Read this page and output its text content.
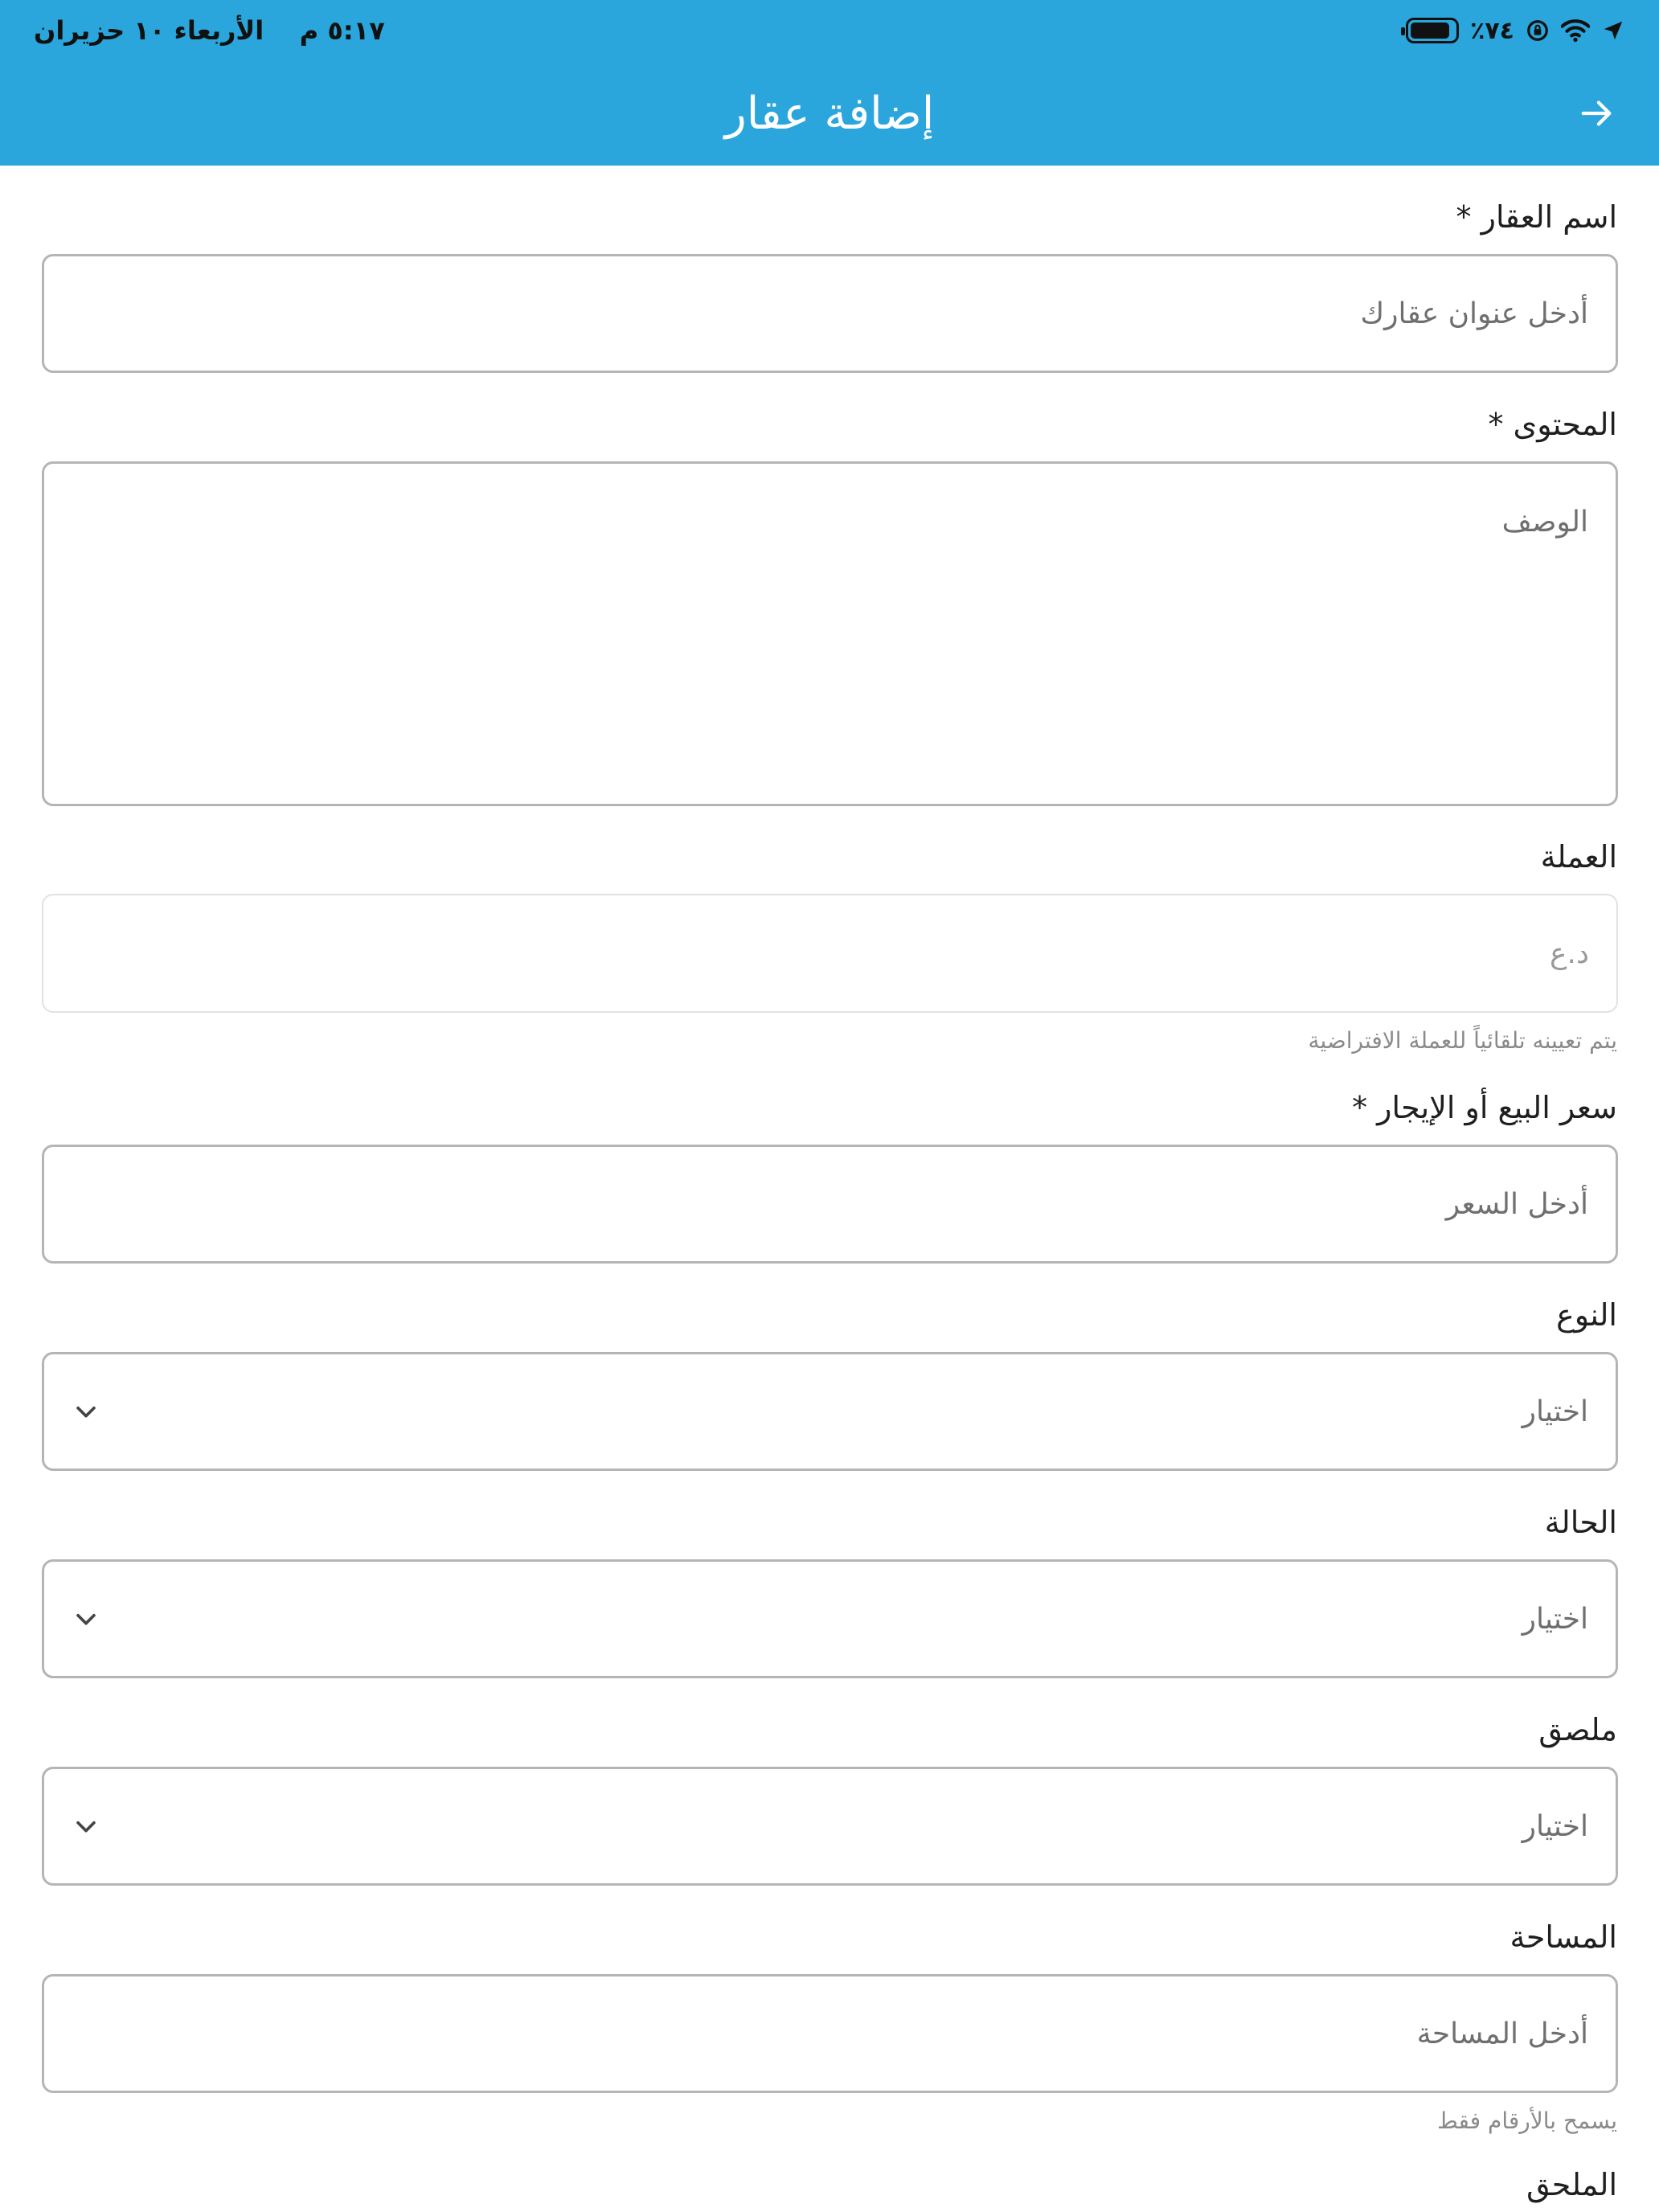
٪٧٤
٥:١٧ م    الأربعاء ١٠ حزيران
إضافة عقار
اسم العقار *
أدخل عنوان عقارك
المحتوى *
الوصف
العملة
د.ع
يتم تعيينه تلقائياً للعملة الافتراضية
سعر البيع أو الإيجار *
أدخل السعر
النوع
اختيار
الحالة
اختيار
ملصق
اختيار
المساحة
أدخل المساحة
يسمح بالأرقام فقط
الملحق
